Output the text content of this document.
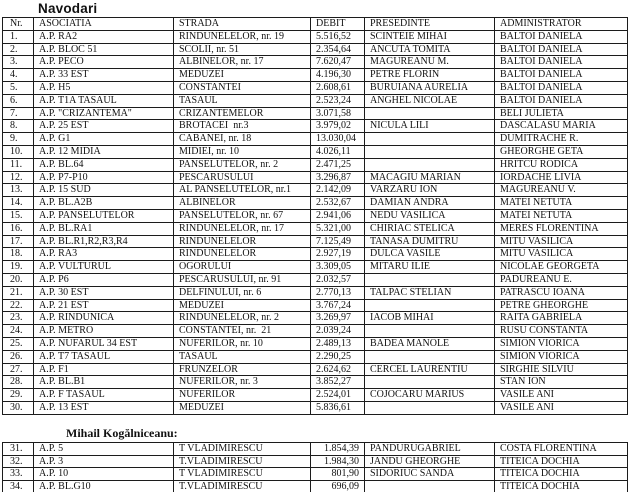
Navodari
Nr.	ASOCIATIA	STRADA	DEBIT	PRESEDINTE	ADMINISTRATOR
1.	A.P. RA2	RINDUNELELOR, nr. 19	5.516,52	SCINTEIE MIHAI	BALTOI DANIELA
2.	A.P. BLOC 51	SCOLII, nr. 51	2.354,64	ANCUTA TOMITA	BALTOI DANIELA
3.	A.P. PECO	ALBINELOR, nr. 17	7.620,47	MAGUREANU M.	BALTOI DANIELA
4.	A.P. 33 EST	MEDUZEI	4.196,30	PETRE FLORIN	BALTOI DANIELA
5.	A.P. H5	CONSTANTEI	2.608,61	BURUIANA AURELIA	BALTOI DANIELA
6.	A.P. T1A TASAUL	TASAUL	2.523,24	ANGHEL NICOLAE	BALTOI DANIELA
7.	A.P. "CRIZANTEMA"	CRIZANTEMELOR	3.071,58		BELI JULIETA
8.	A.P. 25 EST	BROTACEI  nr.3	3.979,02	NICULA LILI	DASCALASU MARIA
9.	A.P. G1	CABANEI, nr. 18	13.030,04		DUMITRACHE R.
10.	A.P. 12 MIDIA	MIDIEI, nr. 10	4.026,11		GHEORGHE GETA
11.	A.P. BL.64	PANSELUTELOR, nr. 2	2.471,25		HRITCU RODICA
12.	A.P. P7-P10	PESCARUSULUI	3.296,87	MACAGIU MARIAN	IORDACHE LIVIA
13.	A.P. 15 SUD	AL PANSELUTELOR, nr.1	2.142,09	VARZARU ION	MAGUREANU V.
14.	A.P. BL.A2B	ALBINELOR	2.532,67	DAMIAN ANDRA	MATEI NETUTA
15.	A.P. PANSELUTELOR	PANSELUTELOR, nr. 67	2.941,06	NEDU VASILICA	MATEI NETUTA
16.	A.P. BL.RA1	RINDUNELELOR, nr. 17	5.321,00	CHIRIAC STELICA	MERES FLORENTINA
17.	A.P. BL.R1,R2,R3,R4	RINDUNELELOR	7.125,49	TANASA DUMITRU	MITU VASILICA
18.	A.P. RA3	RINDUNELELOR	2.927,19	DULCA VASILE	MITU VASILICA
19.	A.P. VULTURUL	OGORULUI	3.309,05	MITARU ILIE	NICOLAE GEORGETA
20.	A.P. P6	PESCARUSULUI, nr. 91	2.032,57		PADUREANU E.
21.	A.P. 30 EST	DELFINULUI, nr. 6	2.770,13	TALPAC STELIAN	PATRASCU IOANA
22.	A.P. 21 EST	MEDUZEI	3.767,24		PETRE GHEORGHE
23.	A.P. RINDUNICA	RINDUNELELOR, nr. 2	3.269,97	IACOB MIHAI	RAITA GABRIELA
24.	A.P. METRO	CONSTANTEI, nr.  21	2.039,24		RUSU CONSTANTA
25.	A.P. NUFARUL 34 EST	NUFERILOR, nr. 10	2.489,13	BADEA MANOLE	SIMION VIORICA
26.	A.P. T7 TASAUL	TASAUL	2.290,25		SIMION VIORICA
27.	A.P. F1	FRUNZELOR	2.624,62	CERCEL LAURENTIU	SIRGHIE SILVIU
28.	A.P. BL.B1	NUFERILOR, nr. 3	3.852,27		STAN ION
29.	A.P. F TASAUL	NUFERILOR	2.524,01	COJOCARU MARIUS	VASILE ANI
30.	A.P. 13 EST	MEDUZEI	5.836,61		VASILE ANI
Mihail Kogălniceanu:
31.	A.P. 5	T VLADIMIRESCU	1.854,39	PANDURUGABRIEL	COSTA FLORENTINA
32.	A.P. 3	T.VLADIMIRESCU	1.984,30	JANDU GHEORGHE	TITEICA DOCHIA
33.	A.P. 10	T VLADIMIRESCU	801,90	SIDORIUC SANDA	TITEICA DOCHIA
34.	A.P. BL.G10	T.VLADIMIRESCU	696,09		TITEICA DOCHIA
